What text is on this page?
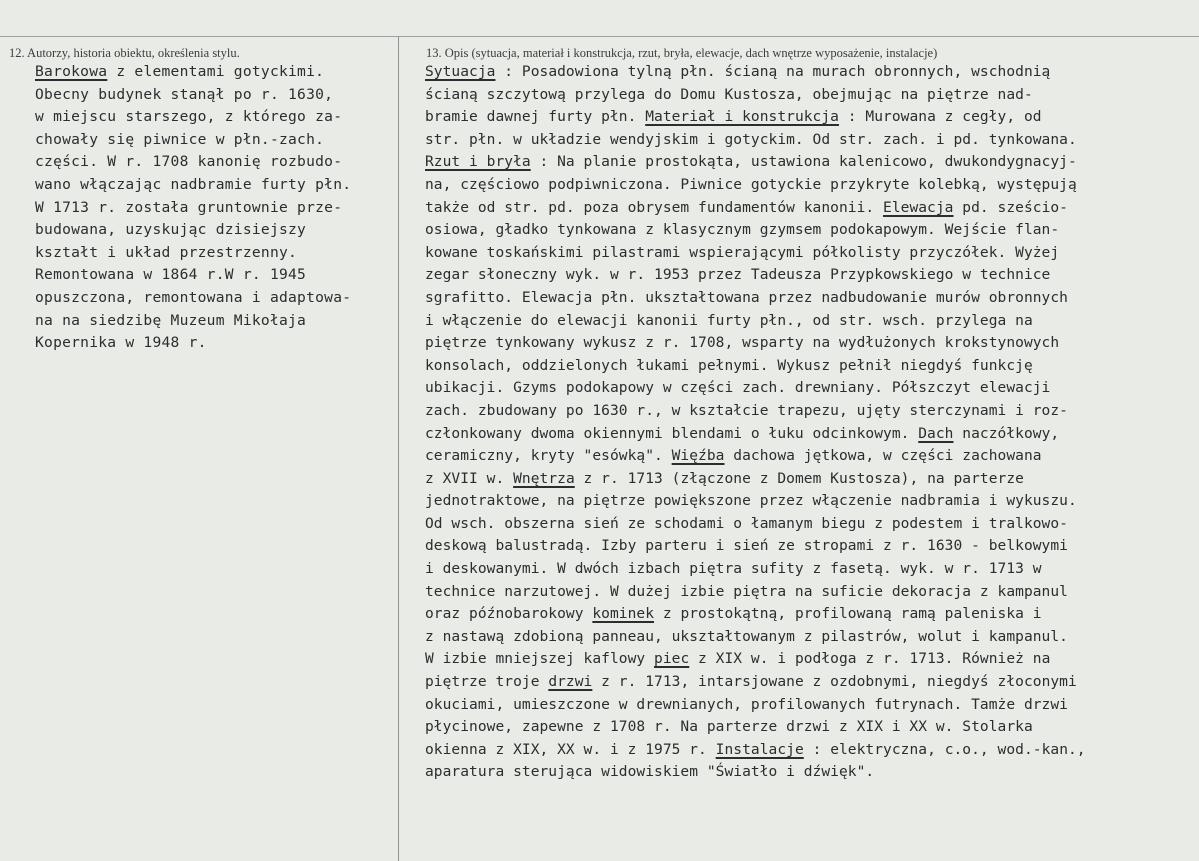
12. Autorzy, historia obiektu, określenia stylu.	13. Opis (sytuacja, materiał i konstrukcja, rzut, bryła, elewacje, dach wnętrze wyposażenie, instalacje)
Barokowa z elementami gotyckimi.
Obecny budynek stanął po r. 1630,
w miejscu starszego, z którego za-
chowały się piwnice w płn.-zach.
części. W r. 1708 kanonię rozbudo-
wano włączając nadbramie furty płn.
W 1713 r. została gruntownie prze-
budowana, uzyskując dzisiejszy
kształt i układ przestrzenny.
Remontowana w 1864 r.W r. 1945
opuszczona, remontowana i adaptowa-
na na siedzibę Muzeum Mikołaja
Kopernika w 1948 r.
Sytuacja : Posadowiona tylną płn. ścianą na murach obronnych, wschodnią
ścianą szczytową przylega do Domu Kustosza, obejmując na piętrze nad-
bramie dawnej furty płn. Materiał i konstrukcja : Murowana z cegły, od
str. płn. w układzie wendyjskim i gotyckim. Od str. zach. i pd. tynkowana.
Rzut i bryła : Na planie prostokąta, ustawiona kalenicowo, dwukondygnacyj-
na, częściowo podpiwniczona. Piwnice gotyckie przykryte kolebką, występują
także od str. pd. poza obrysem fundamentów kanonii. Elewacja pd. sześcio-
osiowa, gładko tynkowana z klasycznym gzymsem podokapowym. Wejście flan-
kowane toskańskimi pilastrami wspierającymi półkolisty przyczółek. Wyżej
zegar słoneczny wyk. w r. 1953 przez Tadeusza Przypkowskiego w technice
sgrafitto. Elewacja płn. ukształtowana przez nadbudowanie murów obronnych
i włączenie do elewacji kanonii furty płn., od str. wsch. przylega na
piętrze tynkowany wykusz z r. 1708, wsparty na wydłużonych krokstynowych
konsolach, oddzielonych łukami pełnymi. Wykusz pełnił niegdyś funkcję
ubikacji. Gzyms podokapowy w części zach. drewniany. Półszczyt elewacji
zach. zbudowany po 1630 r., w kształcie trapezu, ujęty sterczynami i roz-
członkowany dwoma okiennymi blendami o łuku odcinkowym. Dach naczółkowy,
ceramiczny, kryty "esówką". Więźba dachowa jętkowa, w części zachowana
z XVII w. Wnętrza z r. 1713 (złączone z Domem Kustosza), na parterze
jednotraktowe, na piętrze powiększone przez włączenie nadbramia i wykuszu.
Od wsch. obszerna sień ze schodami o łamanym biegu z podestem i tralkowo-
deskową balustradą. Izby parteru i sień ze stropami z r. 1630 - belkowymi
i deskowanymi. W dwóch izbach piętra sufity z fasetą. wyk. w r. 1713 w
technice narzutowej. W dużej izbie piętra na suficie dekoracja z kampanul
oraz późnobarokowy kominek z prostokątną, profilowaną ramą paleniska i
z nastawą zdobioną panneau, ukształtowanym z pilastrów, wolut i kampanul.
W izbie mniejszej kaflowy piec z XIX w. i podłoga z r. 1713. Również na
piętrze troje drzwi z r. 1713, intarsjowane z ozdobnymi, niegdyś złoconymi
okuciami, umieszczone w drewnianych, profilowanych futrynach. Tamże drzwi
płycinowe, zapewne z 1708 r. Na parterze drzwi z XIX i XX w. Stolarka
okienna z XIX, XX w. i z 1975 r. Instalacje : elektryczna, c.o., wod.-kan.,
aparatura sterująca widowiskiem "Światło i dźwięk".
